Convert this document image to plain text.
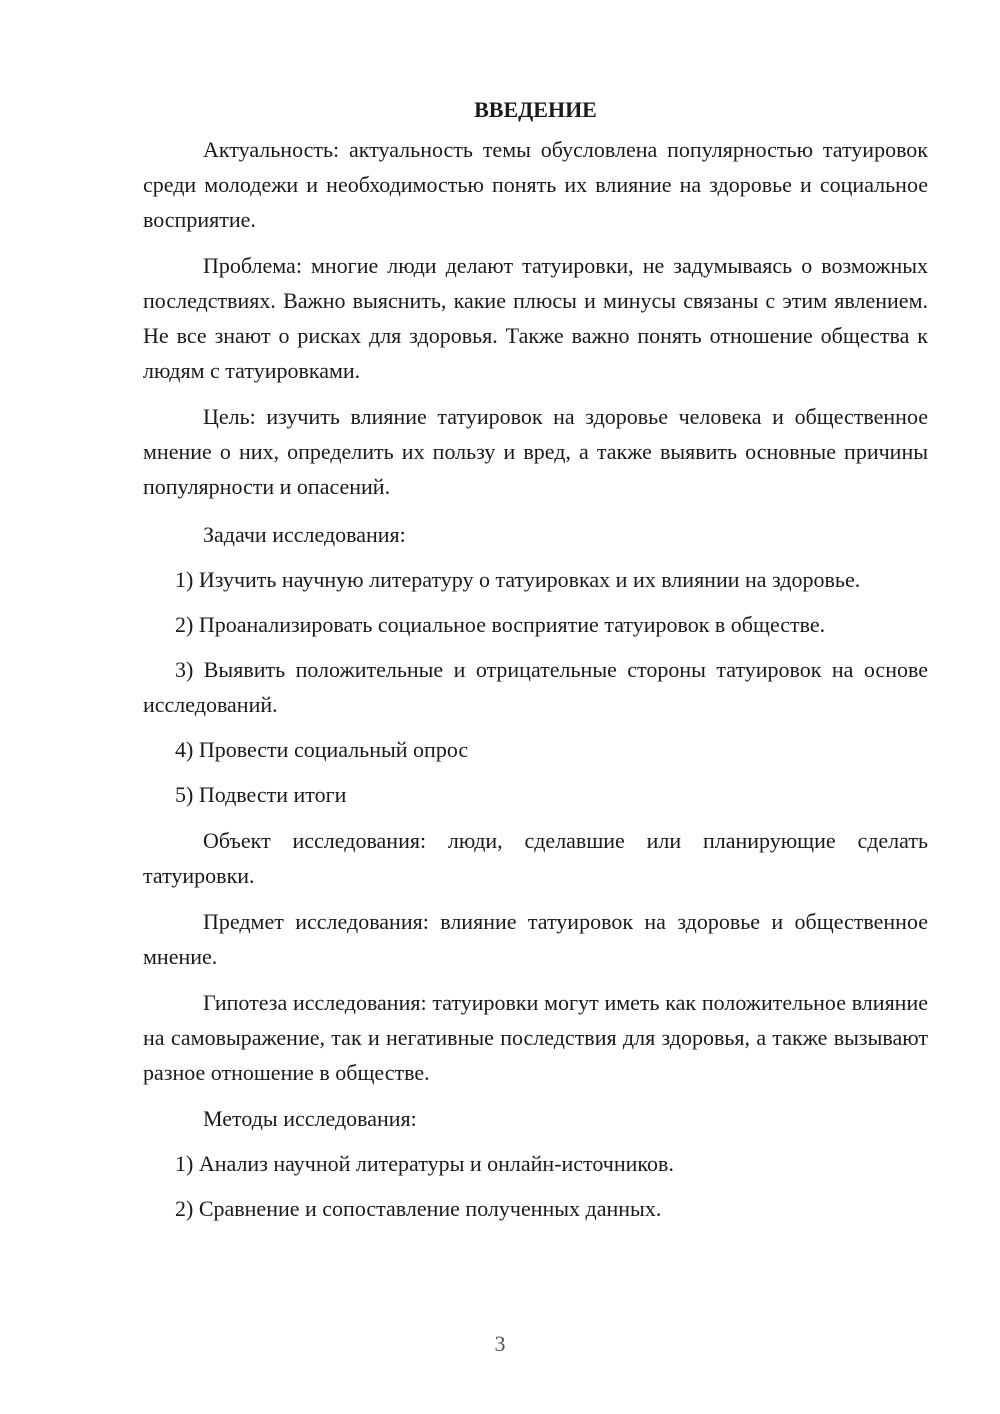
ВВЕДЕНИЕ

Актуальность: актуальность темы обусловлена популярностью татуировок среди молодежи и необходимостью понять их влияние на здоровье и социальное восприятие.

Проблема: многие люди делают татуировки, не задумываясь о возможных последствиях. Важно выяснить, какие плюсы и минусы связаны с этим явлением. Не все знают о рисках для здоровья. Также важно понять отношение общества к людям с татуировками.

Цель: изучить влияние татуировок на здоровье человека и общественное мнение о них, определить их пользу и вред, а также выявить основные причины популярности и опасений.

Задачи исследования:

1) Изучить научную литературу о татуировках и их влиянии на здоровье.

2) Проанализировать социальное восприятие татуировок в обществе.

3) Выявить положительные и отрицательные стороны татуировок на основе исследований.

4) Провести социальный опрос

5) Подвести итоги

Объект исследования: люди, сделавшие или планирующие сделать татуировки.

Предмет исследования: влияние татуировок на здоровье и общественное мнение.

Гипотеза исследования: татуировки могут иметь как положительное влияние на самовыражение, так и негативные последствия для здоровья, а также вызывают разное отношение в обществе.

Методы исследования:

1) Анализ научной литературы и онлайн-источников.

2) Сравнение и сопоставление полученных данных.

3
